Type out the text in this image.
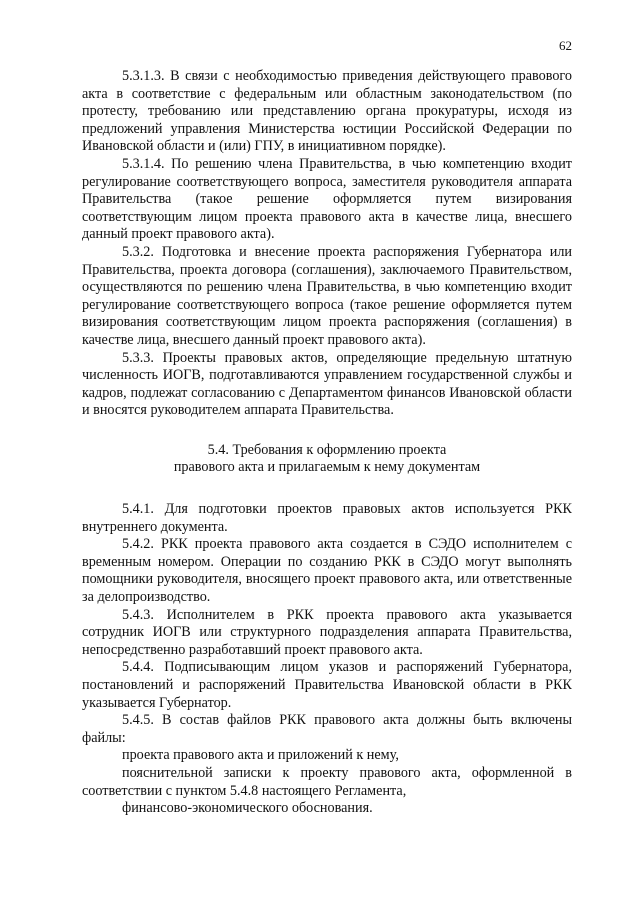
62

5.3.1.3. В связи с необходимостью приведения действующего правового акта в соответствие с федеральным или областным законодательством (по протесту, требованию или представлению органа прокуратуры, исходя из предложений управления Министерства юстиции Российской Федерации по Ивановской области и (или) ГПУ, в инициативном порядке).

5.3.1.4. По решению члена Правительства, в чью компетенцию входит регулирование соответствующего вопроса, заместителя руководителя аппарата Правительства (такое решение оформляется путем визирования соответствующим лицом проекта правового акта в качестве лица, внесшего данный проект правового акта).

5.3.2. Подготовка и внесение проекта распоряжения Губернатора или Правительства, проекта договора (соглашения), заключаемого Правительством, осуществляются по решению члена Правительства, в чью компетенцию входит регулирование соответствующего вопроса (такое решение оформляется путем визирования соответствующим лицом проекта распоряжения (соглашения) в качестве лица, внесшего данный проект правового акта).

5.3.3. Проекты правовых актов, определяющие предельную штатную численность ИОГВ, подготавливаются управлением государственной службы и кадров, подлежат согласованию с Департаментом финансов Ивановской области и вносятся руководителем аппарата Правительства.

5.4. Требования к оформлению проекта
правового акта и прилагаемым к нему документам

5.4.1. Для подготовки проектов правовых актов используется РКК внутреннего документа.

5.4.2. РКК проекта правового акта создается в СЭДО исполнителем с временным номером. Операции по созданию РКК в СЭДО могут выполнять помощники руководителя, вносящего проект правового акта, или ответственные за делопроизводство.

5.4.3. Исполнителем в РКК проекта правового акта указывается сотрудник ИОГВ или структурного подразделения аппарата Правительства, непосредственно разработавший проект правового акта.

5.4.4. Подписывающим лицом указов и распоряжений Губернатора, постановлений и распоряжений Правительства Ивановской области в РКК указывается Губернатор.

5.4.5. В состав файлов РКК правового акта должны быть включены файлы:

проекта правового акта и приложений к нему,

пояснительной записки к проекту правового акта, оформленной в соответствии с пунктом 5.4.8 настоящего Регламента,

финансово-экономического обоснования.
